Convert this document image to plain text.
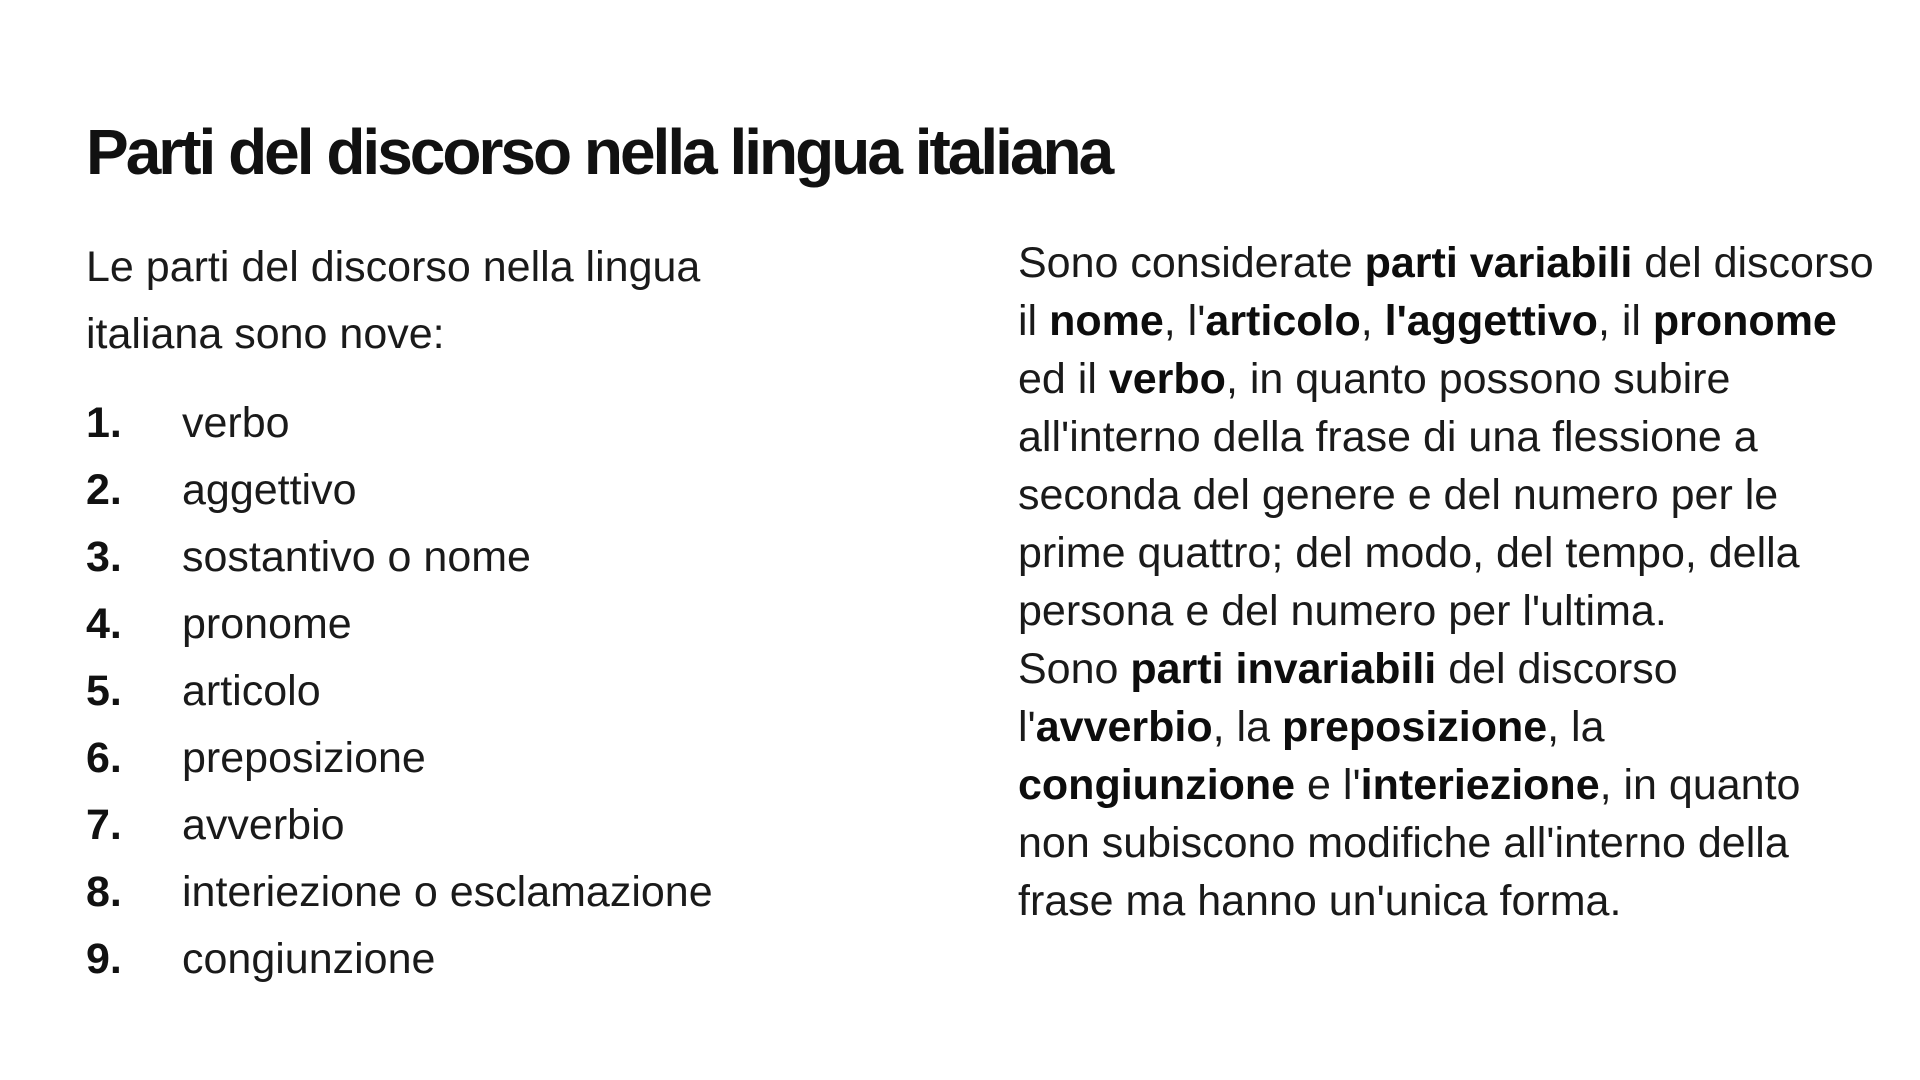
Parti del discorso nella lingua italiana

Le parti del discorso nella lingua italiana sono nove:

1. verbo
2. aggettivo
3. sostantivo o nome
4. pronome
5. articolo
6. preposizione
7. avverbio
8. interiezione o esclamazione
9. congiunzione

Sono considerate parti variabili del discorso il nome, l'articolo, l'aggettivo, il pronome ed il verbo, in quanto possono subire all'interno della frase di una flessione a seconda del genere e del numero per le prime quattro; del modo, del tempo, della persona e del numero per l'ultima.

Sono parti invariabili del discorso l'avverbio, la preposizione, la congiunzione e l'interiezione, in quanto non subiscono modifiche all'interno della frase ma hanno un'unica forma.
